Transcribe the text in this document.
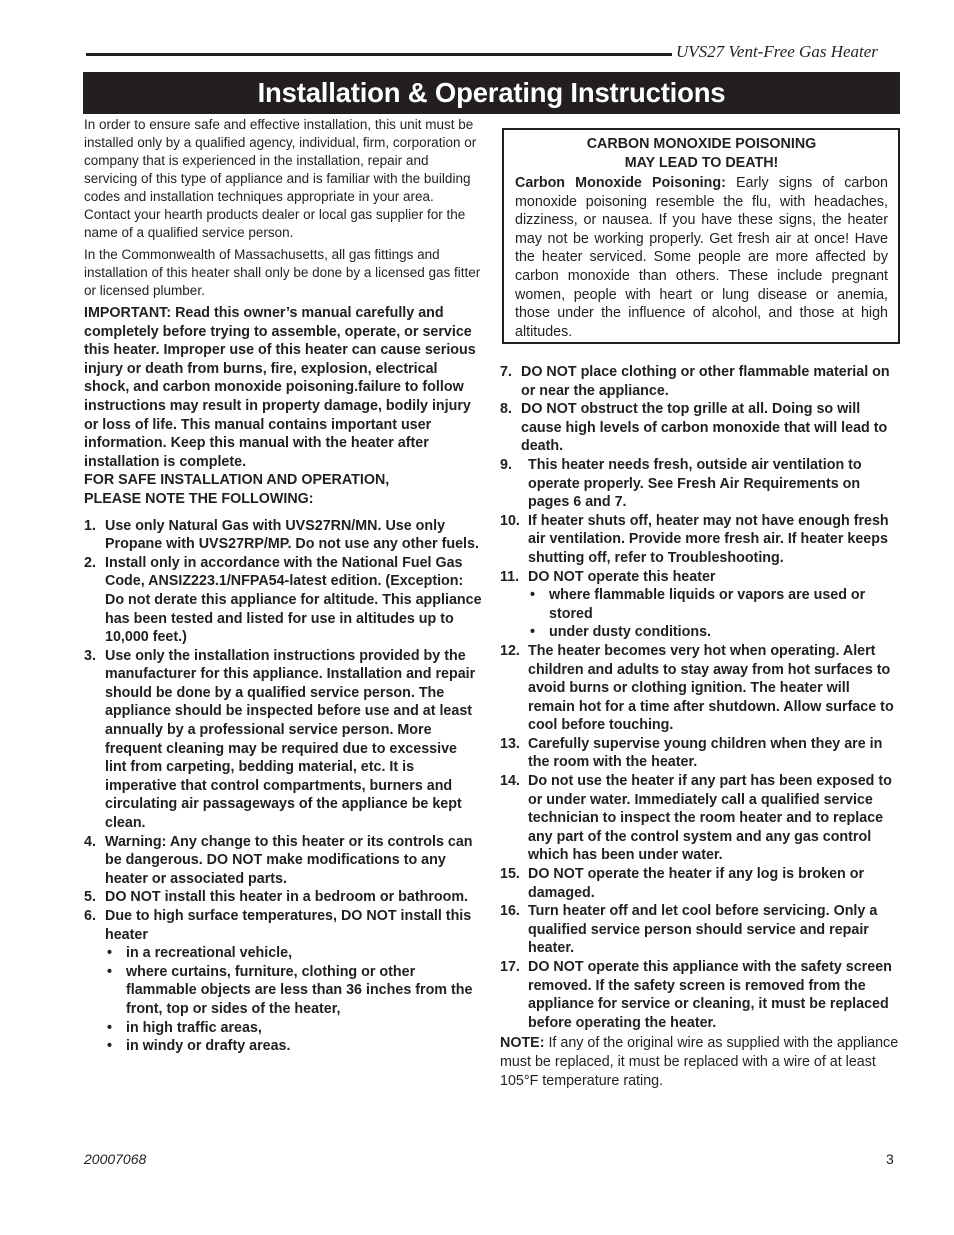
UVS27 Vent-Free Gas Heater
Installation & Operating Instructions

In order to ensure safe and effective installation, this unit must be installed only by a qualified agency, individual, firm, corporation or company that is experienced in the installation, repair and servicing of this type of appliance and is familiar with the building codes and installation techniques appropriate in your area. Contact your hearth products dealer or local gas supplier for the name of a qualified service person.

In the Commonwealth of Massachusetts, all gas fittings and installation of this heater shall only be done by a licensed gas fitter or licensed plumber.

IMPORTANT: Read this owner’s manual carefully and completely before trying to assemble, operate, or service this heater. Improper use of this heater can cause serious injury or death from burns, fire, explosion, electrical shock, and carbon monoxide poisoning.failure to follow instructions may result in property damage, bodily injury or loss of life. This manual contains important user information. Keep this manual with the heater after installation is complete.

FOR SAFE INSTALLATION AND OPERATION,
PLEASE NOTE THE FOLLOWING:
1. Use only Natural Gas with UVS27RN/MN. Use only Propane with UVS27RP/MP. Do not use any other fuels.
2. Install only in accordance with the National Fuel Gas Code, ANSIZ223.1/NFPA54-latest edition. (Exception: Do not derate this appliance for altitude. This appliance has been tested and listed for use in altitudes up to 10,000 feet.)
3. Use only the installation instructions provided by the manufacturer for this appliance. Installation and repair should be done by a qualified service person. The appliance should be inspected before use and at least annually by a professional service person. More frequent cleaning may be required due to excessive lint from carpeting, bedding material, etc. It is imperative that control compartments, burners and circulating air passageways of the appliance be kept clean.
4. Warning: Any change to this heater or its controls can be dangerous. DO NOT make modifications to any heater or associated parts.
5. DO NOT install this heater in a bedroom or bathroom.
6. Due to high surface temperatures, DO NOT install this heater
• in a recreational vehicle,
• where curtains, furniture, clothing or other flammable objects are less than 36 inches from the front, top or sides of the heater,
• in high traffic areas,
• in windy or drafty areas.
CARBON MONOXIDE POISONING
MAY LEAD TO DEATH!
Carbon Monoxide Poisoning: Early signs of carbon monoxide poisoning resemble the flu, with headaches, dizziness, or nausea. If you have these signs, the heater may not be working properly. Get fresh air at once! Have the heater serviced. Some people are more affected by carbon monoxide than others. These include pregnant women, people with heart or lung disease or anemia, those under the influence of alcohol, and those at high altitudes.
7. DO NOT place clothing or other flammable material on or near the appliance.
8. DO NOT obstruct the top grille at all. Doing so will cause high levels of carbon monoxide that will lead to death.
9. This heater needs fresh, outside air ventilation to operate properly. See Fresh Air Requirements on pages 6 and 7.
10. If heater shuts off, heater may not have enough fresh air ventilation. Provide more fresh air. If heater keeps shutting off, refer to Troubleshooting.
11. DO NOT operate this heater
• where flammable liquids or vapors are used or stored
• under dusty conditions.
12. The heater becomes very hot when operating. Alert children and adults to stay away from hot surfaces to avoid burns or clothing ignition. The heater will remain hot for a time after shutdown. Allow surface to cool before touching.
13. Carefully supervise young children when they are in the room with the heater.
14. Do not use the heater if any part has been exposed to or under water. Immediately call a qualified service technician to inspect the room heater and to replace any part of the control system and any gas control which has been under water.
15. DO NOT operate the heater if any log is broken or damaged.
16. Turn heater off and let cool before servicing. Only a qualified service person should service and repair heater.
17. DO NOT operate this appliance with the safety screen removed. If the safety screen is removed from the appliance for service or cleaning, it must be replaced before operating the heater.

NOTE: If any of the original wire as supplied with the appliance must be replaced, it must be replaced with a wire of at least 105°F temperature rating.

20007068	3
